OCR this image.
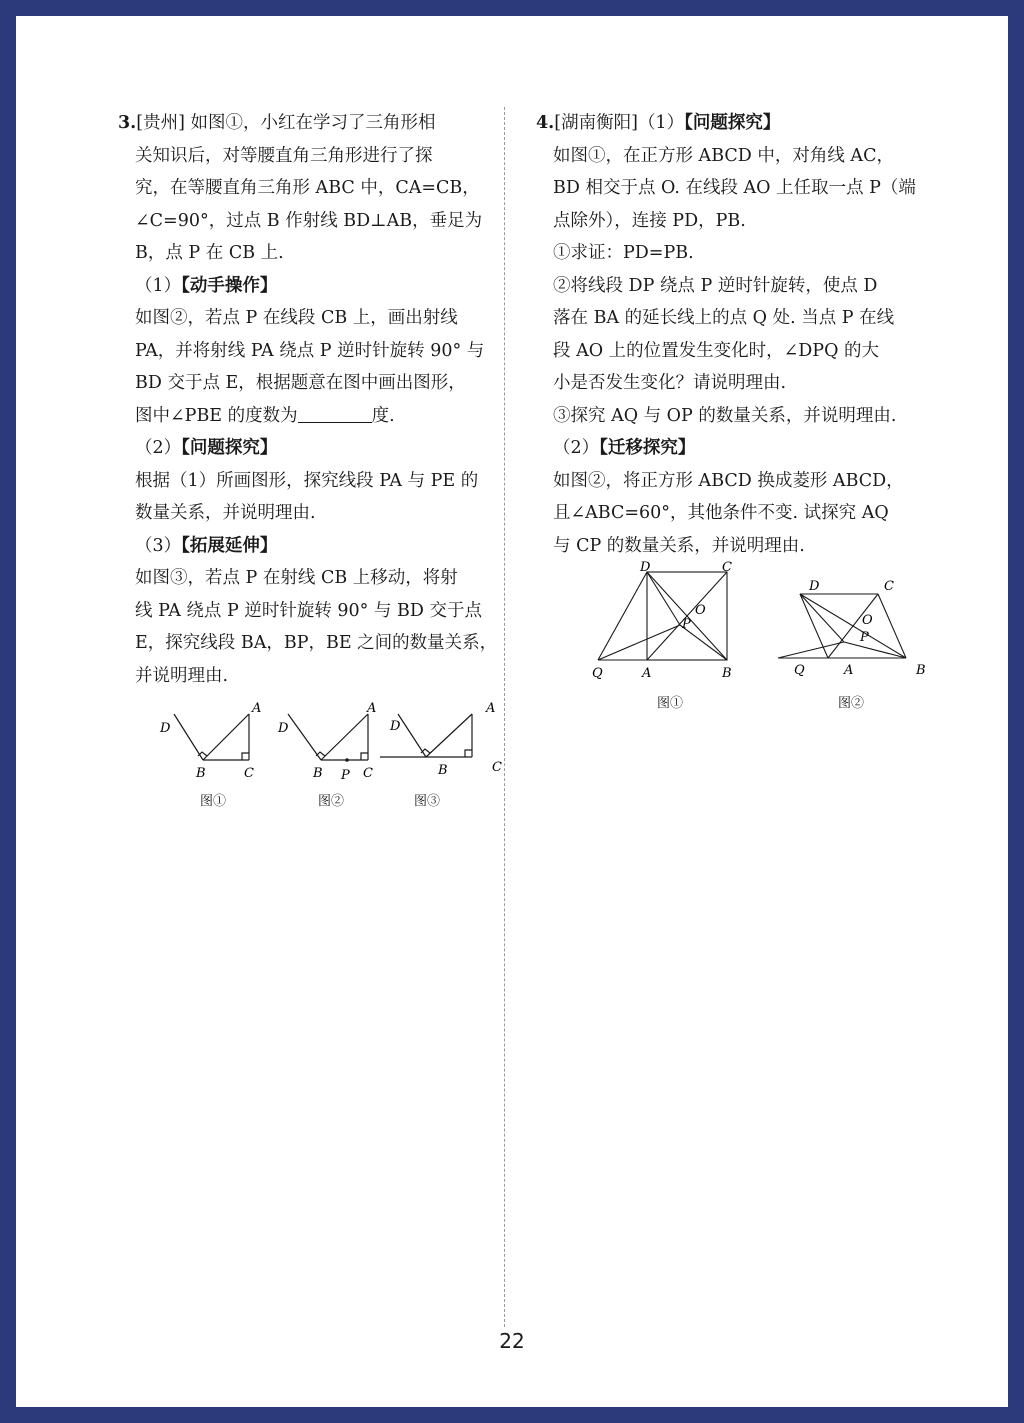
3.[贵州] 如图①，小红在学习了三角形相
关知识后，对等腰直角三角形进行了探
究，在等腰直角三角形 ABC 中，CA=CB，
∠C=90°，过点 B 作射线 BD⊥AB，垂足为
B，点 P 在 CB 上.
（1）【动手操作】
如图②，若点 P 在线段 CB 上，画出射线
PA，并将射线 PA 绕点 P 逆时针旋转 90° 与
BD 交于点 E，根据题意在图中画出图形，
图中∠PBE 的度数为	度.
（2）【问题探究】
根据（1）所画图形，探究线段 PA 与 PE 的
数量关系，并说明理由.
（3）【拓展延伸】
如图③，若点 P 在射线 CB 上移动，将射
线 PA 绕点 P 逆时针旋转 90° 与 BD 交于点
E，探究线段 BA，BP，BE 之间的数量关系，
并说明理由.
D
A
B	C
图①
D
A
B P C
图②
D
A
B	C
图③
4.[湖南衡阳]（1）【问题探究】
如图①，在正方形 ABCD 中，对角线 AC，
BD 相交于点 O. 在线段 AO 上任取一点 P（端
点除外），连接 PD，PB.
①求证：PD=PB.
②将线段 DP 绕点 P 逆时针旋转，使点 D
落在 BA 的延长线上的点 Q 处. 当点 P 在线
段 AO 上的位置发生变化时，∠DPQ 的大
小是否发生变化？请说明理由.
③探究 AQ 与 OP 的数量关系，并说明理由.
（2）【迁移探究】
如图②，将正方形 ABCD 换成菱形 ABCD，
且∠ABC=60°，其他条件不变. 试探究 AQ
与 CP 的数量关系，并说明理由.
D	C
O
P
Q	A	B
图①
D	C
O
P
Q	A	B
图②
22
